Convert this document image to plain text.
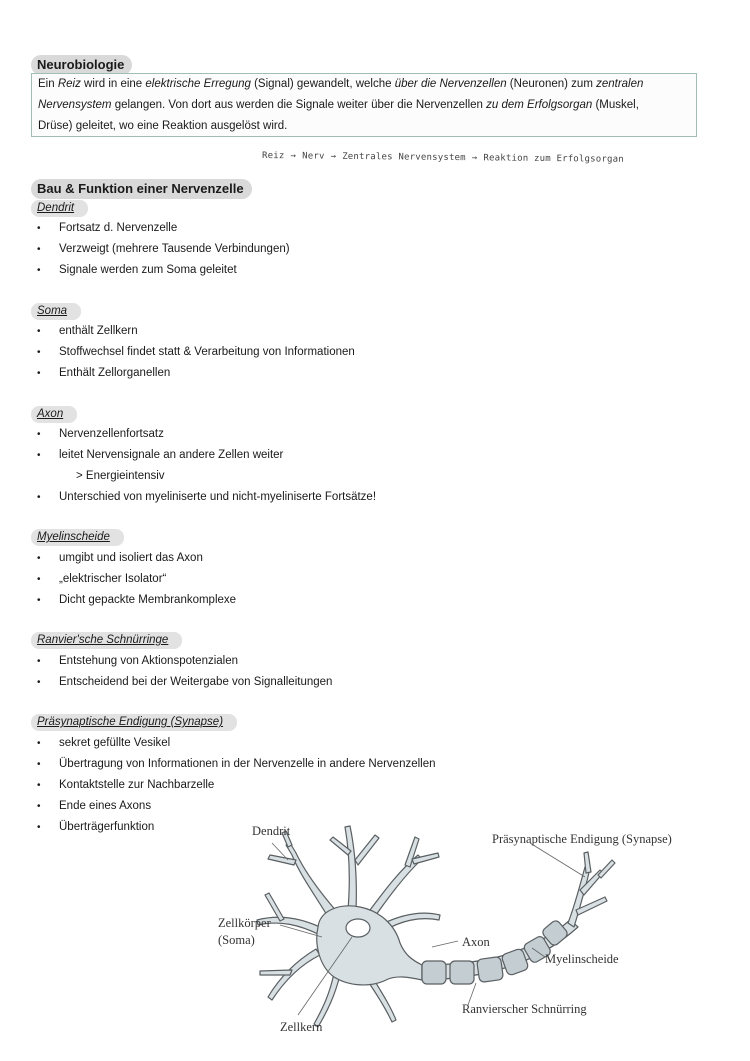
Neurobiologie
Ein Reiz wird in eine elektrische Erregung (Signal) gewandelt, welche über die Nervenzellen (Neuronen) zum zentralen
Nervensystem gelangen. Von dort aus werden die Signale weiter über die Nervenzellen zu dem Erfolgsorgan (Muskel,
Drüse) geleitet, wo eine Reaktion ausgelöst wird.
Reiz → Nerv → Zentrales Nervensystem → Reaktion zum Erfolgsorgan
Bau & Funktion einer Nervenzelle
Dendrit
• Fortsatz d. Nervenzelle
• Verzweigt (mehrere Tausende Verbindungen)
• Signale werden zum Soma geleitet
Soma
• enthält Zellkern
• Stoffwechsel findet statt & Verarbeitung von Informationen
• Enthält Zellorganellen
Axon
• Nervenzellenfortsatz
• leitet Nervensignale an andere Zellen weiter
> Energieintensiv
• Unterschied von myeliniserte und nicht-myeliniserte Fortsätze!
Myelinscheide
• umgibt und isoliert das Axon
• „elektrischer Isolator“
• Dicht gepackte Membrankomplexe
Ranvier'sche Schnürringe
• Entstehung von Aktionspotenzialen
• Entscheidend bei der Weitergabe von Signalleitungen
Präsynaptische Endigung (Synapse)
• sekret gefüllte Vesikel
• Übertragung von Informationen in der Nervenzelle in andere Nervenzellen
• Kontaktstelle zur Nachbarzelle
• Ende eines Axons
• Überträgerfunktion	Dendrit
Präsynaptische Endigung (Synapse)
Zellkörper
(Soma)	Axon
Myelinscheide
Ranvierscher Schnürring
Zellkern
